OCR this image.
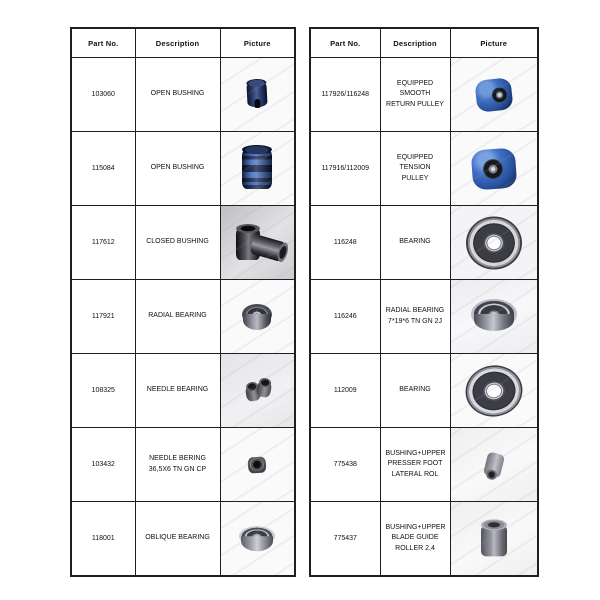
Part No.	Description	Picture
103060	OPEN BUSHING	

115084	OPEN BUSHING	

117612	CLOSED BUSHING	

117921	RADIAL BEARING	

108325	NEEDLE BEARING	

103432	NEEDLE BERING 36,5X6 TN GN CP	

118001	OBLIQUE BEARING	
Part No.	Description	Picture
117926/116248	EQUIPPED SMOOTH RETURN PULLEY	

117916/112009	EQUIPPED TENSION PULLEY	

116248	BEARING	

116246	RADIAL BEARING 7*19*6 TN GN 2J	

112009	BEARING	

775438	BUSHING+UPPER PRESSER FOOT LATERAL ROL	

775437	BUSHING+UPPER BLADE GUIDE ROLLER 2,4	
